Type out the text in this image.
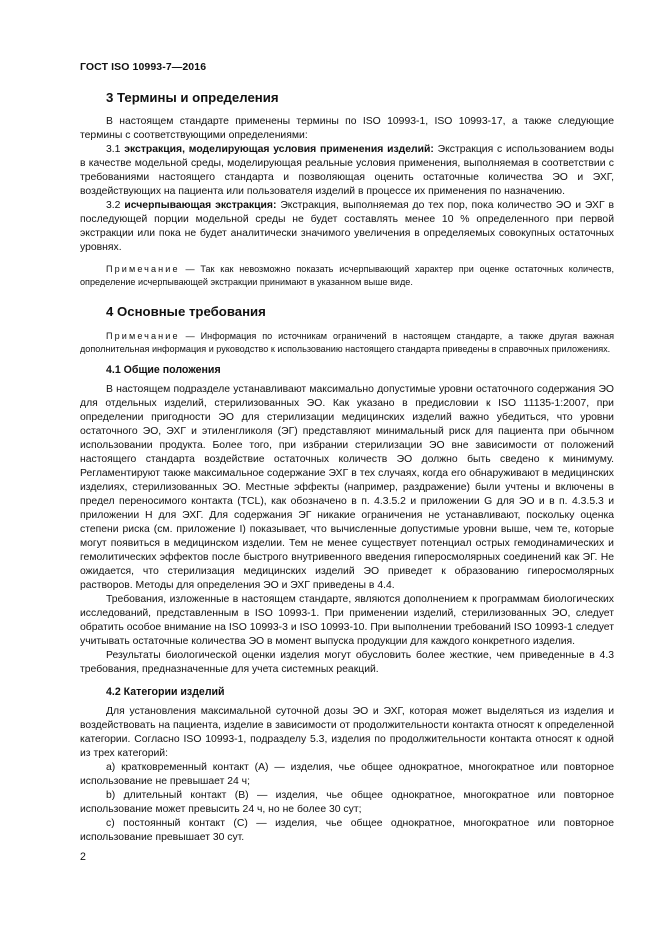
ГОСТ ISO 10993-7—2016
3 Термины и определения

В настоящем стандарте применены термины по ISO 10993-1, ISO 10993-17, а также следующие термины с соответствующими определениями:

3.1 экстракция, моделирующая условия применения изделий: Экстракция с использованием воды в качестве модельной среды, моделирующая реальные условия применения, выполняемая в соответствии с требованиями настоящего стандарта и позволяющая оценить остаточные количества ЭО и ЭХГ, воздействующих на пациента или пользователя изделий в процессе их применения по назначению.

3.2 исчерпывающая экстракция: Экстракция, выполняемая до тех пор, пока количество ЭО и ЭХГ в последующей порции модельной среды не будет составлять менее 10 % определенного при первой экстракции или пока не будет аналитически значимого увеличения в определяемых совокупных остаточных уровнях.

Примечание — Так как невозможно показать исчерпывающий характер при оценке остаточных количеств, определение исчерпывающей экстракции принимают в указанном выше виде.
4 Основные требования
Примечание — Информация по источникам ограничений в настоящем стандарте, а также другая важная дополнительная информация и руководство к использованию настоящего стандарта приведены в справочных приложениях.
4.1 Общие положения

В настоящем подразделе устанавливают максимально допустимые уровни остаточного содержания ЭО для отдельных изделий, стерилизованных ЭО. Как указано в предисловии к ISO 11135-1:2007, при определении пригодности ЭО для стерилизации медицинских изделий важно убедиться, что уровни остаточного ЭО, ЭХГ и этиленгликоля (ЭГ) представляют минимальный риск для пациента при обычном использовании продукта. Более того, при избрании стерилизации ЭО вне зависимости от положений настоящего стандарта воздействие остаточных количеств ЭО должно быть сведено к минимуму. Регламентируют также максимальное содержание ЭХГ в тех случаях, когда его обнаруживают в медицинских изделиях, стерилизованных ЭО. Местные эффекты (например, раздражение) были учтены и включены в предел переносимого контакта (TCL), как обозначено в п. 4.3.5.2 и приложении G для ЭО и в п. 4.3.5.3 и приложении H для ЭХГ. Для содержания ЭГ никакие ограничения не устанавливают, поскольку оценка степени риска (см. приложение I) показывает, что вычисленные допустимые уровни выше, чем те, которые могут появиться в медицинском изделии. Тем не менее существует потенциал острых гемодинамических и гемолитических эффектов после быстрого внутривенного введения гиперосмолярных соединений как ЭГ. Не ожидается, что стерилизация медицинских изделий ЭО приведет к образованию гиперосмолярных растворов. Методы для определения ЭО и ЭХГ приведены в 4.4.

Требования, изложенные в настоящем стандарте, являются дополнением к программам биологических исследований, представленным в ISO 10993-1. При применении изделий, стерилизованных ЭО, следует обратить особое внимание на ISO 10993-3 и ISO 10993-10. При выполнении требований ISO 10993-1 следует учитывать остаточные количества ЭО в момент выпуска продукции для каждого конкретного изделия.

Результаты биологической оценки изделия могут обусловить более жесткие, чем приведенные в 4.3 требования, предназначенные для учета системных реакций.

4.2 Категории изделий

Для установления максимальной суточной дозы ЭО и ЭХГ, которая может выделяться из изделия и воздействовать на пациента, изделие в зависимости от продолжительности контакта относят к определенной категории. Согласно ISO 10993-1, подразделу 5.3, изделия по продолжительности контакта относят к одной из трех категорий:

a) кратковременный контакт (A) — изделия, чье общее однократное, многократное или повторное использование не превышает 24 ч;

b) длительный контакт (B) — изделия, чье общее однократное, многократное или повторное использование может превысить 24 ч, но не более 30 сут;

c) постоянный контакт (C) — изделия, чье общее однократное, многократное или повторное использование превышает 30 сут.

2
